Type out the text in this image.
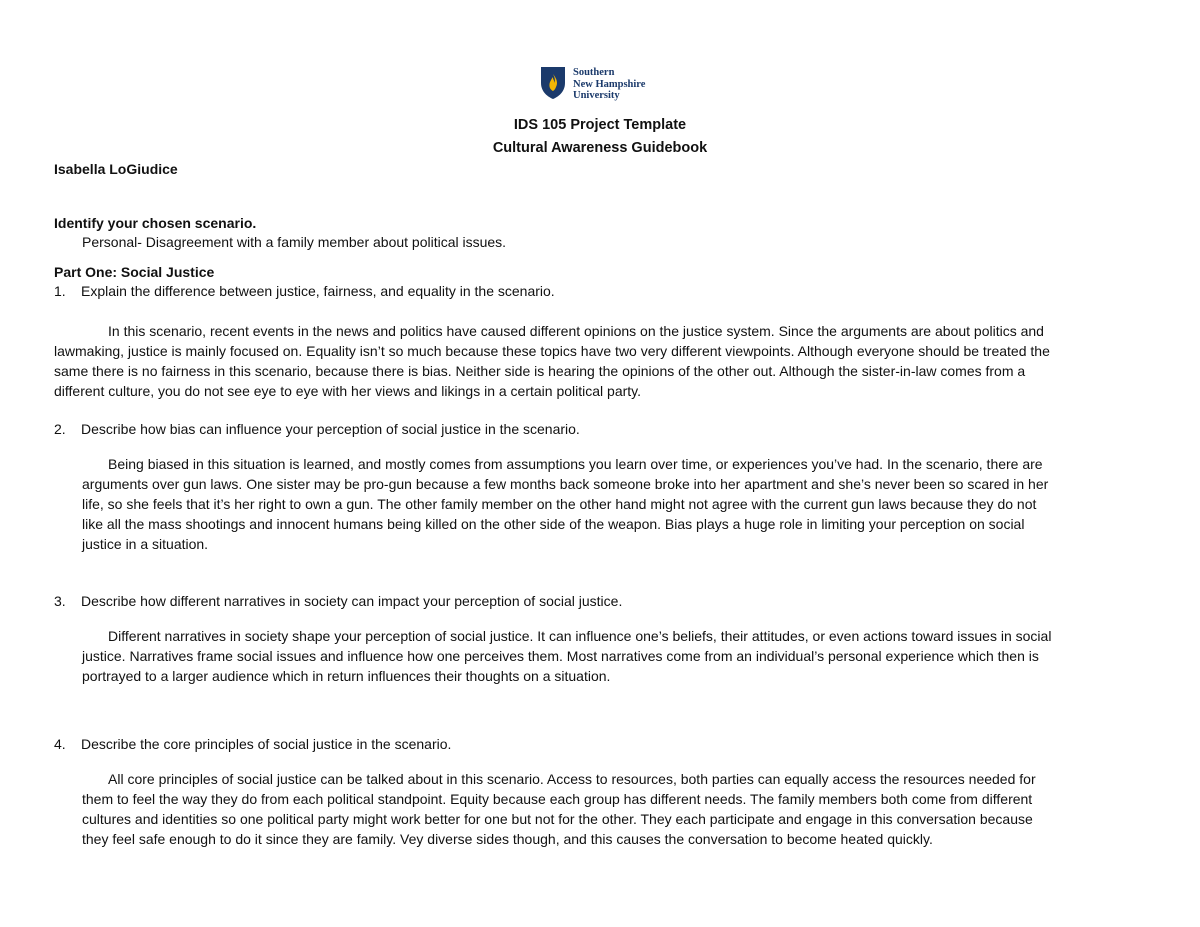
Southern
New Hampshire
University
IDS 105 Project Template
Cultural Awareness Guidebook
Isabella LoGiudice
Identify your chosen scenario.
Personal- Disagreement with a family member about political issues.
Part One: Social Justice
1. Explain the difference between justice, fairness, and equality in the scenario.
In this scenario, recent events in the news and politics have caused different opinions on the justice system. Since the arguments are about politics and
lawmaking, justice is mainly focused on. Equality isn’t so much because these topics have two very different viewpoints. Although everyone should be treated the
same there is no fairness in this scenario, because there is bias. Neither side is hearing the opinions of the other out. Although the sister-in-law comes from a
different culture, you do not see eye to eye with her views and likings in a certain political party.
2. Describe how bias can influence your perception of social justice in the scenario.
Being biased in this situation is learned, and mostly comes from assumptions you learn over time, or experiences you’ve had. In the scenario, there are
arguments over gun laws. One sister may be pro-gun because a few months back someone broke into her apartment and she’s never been so scared in her
life, so she feels that it’s her right to own a gun. The other family member on the other hand might not agree with the current gun laws because they do not
like all the mass shootings and innocent humans being killed on the other side of the weapon. Bias plays a huge role in limiting your perception on social
justice in a situation.
3. Describe how different narratives in society can impact your perception of social justice.
Different narratives in society shape your perception of social justice. It can influence one’s beliefs, their attitudes, or even actions toward issues in social
justice. Narratives frame social issues and influence how one perceives them. Most narratives come from an individual’s personal experience which then is
portrayed to a larger audience which in return influences their thoughts on a situation.
4. Describe the core principles of social justice in the scenario.
All core principles of social justice can be talked about in this scenario. Access to resources, both parties can equally access the resources needed for
them to feel the way they do from each political standpoint. Equity because each group has different needs. The family members both come from different
cultures and identities so one political party might work better for one but not for the other. They each participate and engage in this conversation because
they feel safe enough to do it since they are family. Vey diverse sides though, and this causes the conversation to become heated quickly.
